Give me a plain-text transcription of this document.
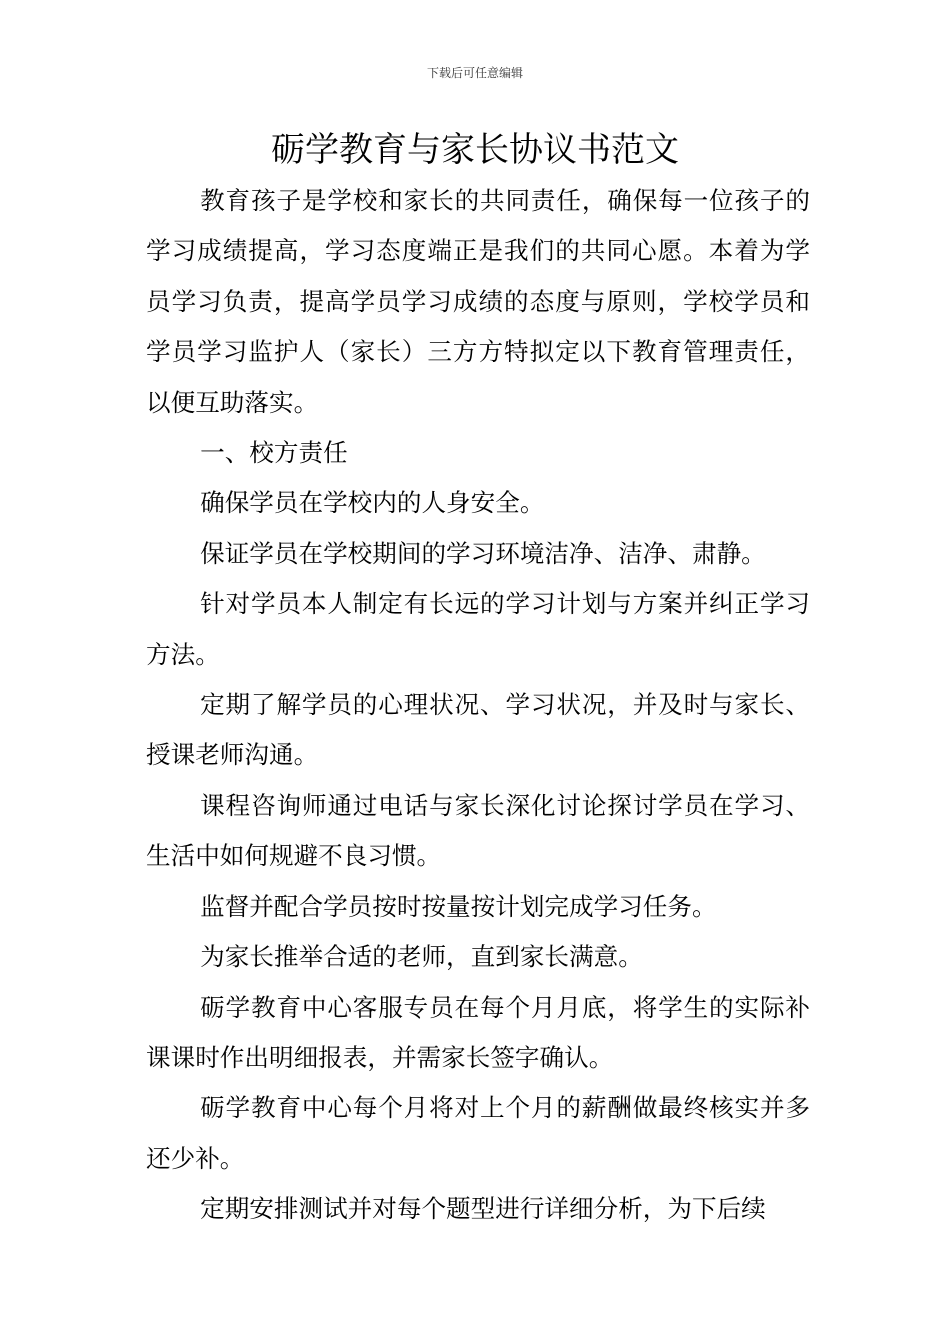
下载后可任意编辑
砺学教育与家长协议书范文

教育孩子是学校和家长的共同责任，确保每一位孩子的学习成绩提高，学习态度端正是我们的共同心愿。本着为学员学习负责，提高学员学习成绩的态度与原则，学校学员和学员学习监护人（家长）三方方特拟定以下教育管理责任，以便互助落实。

一、校方责任

确保学员在学校内的人身安全。

保证学员在学校期间的学习环境洁净、洁净、肃静。

针对学员本人制定有长远的学习计划与方案并纠正学习方法。

定期了解学员的心理状况、学习状况，并及时与家长、授课老师沟通。

课程咨询师通过电话与家长深化讨论探讨学员在学习、生活中如何规避不良习惯。

监督并配合学员按时按量按计划完成学习任务。

为家长推举合适的老师，直到家长满意。

砺学教育中心客服专员在每个月月底，将学生的实际补课课时作出明细报表，并需家长签字确认。

砺学教育中心每个月将对上个月的薪酬做最终核实并多还少补。

定期安排测试并对每个题型进行详细分析，为下后续
